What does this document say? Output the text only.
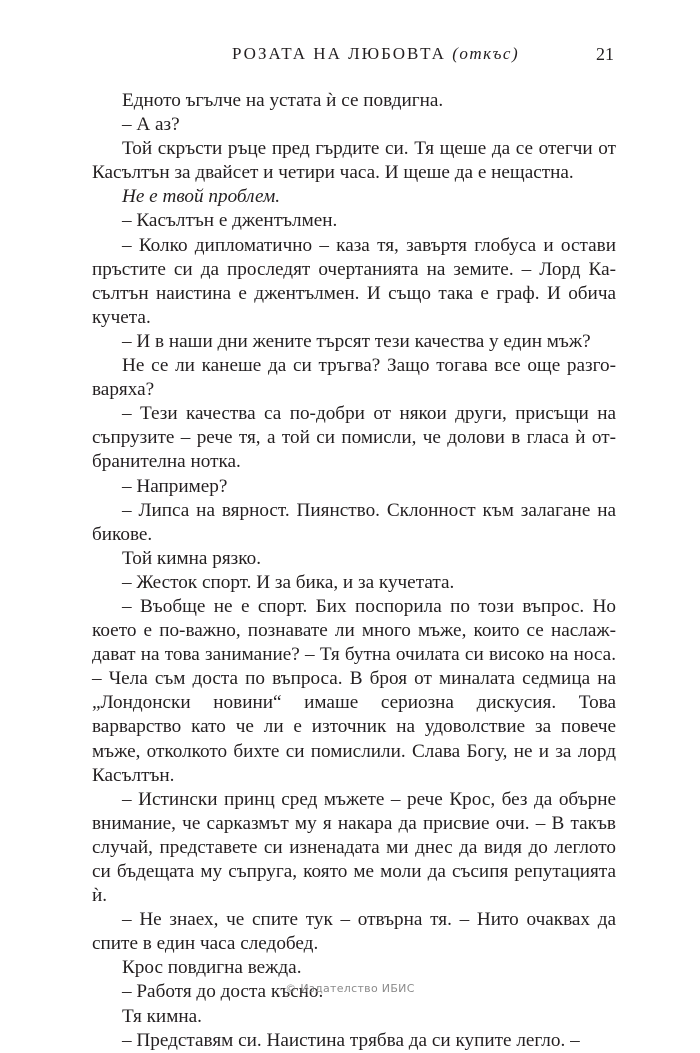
РОЗАТА НА ЛЮБОВТА (откъс)	21

Едното ъгълче на устата ѝ се повдигна.

– А аз?

Той скръсти ръце пред гърдите си. Тя щеше да се отегчи от Касълтън за двайсет и четири часа. И щеше да е нещастна.

Не е твой проблем.

– Касълтън е джентълмен.

– Колко дипломатично – каза тя, завъртя глобуса и остави пръстите си да проследят очертанията на земите. – Лорд Касълтън наистина е джентълмен. И също така е граф. И обича кучета.

– И в наши дни жените търсят тези качества у един мъж?

Не се ли канеше да си тръгва? Защо тогава все още разговаряха?

– Тези качества са по-добри от някои други, присъщи на съпрузите – рече тя, а той си помисли, че долови в гласа ѝ отбранителна нотка.

– Например?

– Липса на вярност. Пиянство. Склонност към залагане на бикове.

Той кимна рязко.

– Жесток спорт. И за бика, и за кучетата.

– Въобще не е спорт. Бих поспорила по този въпрос. Но което е по-важно, познавате ли много мъже, които се наслаждават на това занимание? – Тя бутна очилата си високо на носа. – Чела съм доста по въпроса. В броя от миналата седмица на „Лондонски новини“ имаше сериозна дискусия. Това варварство като че ли е източник на удоволствие за повече мъже, отколкото бихте си помислили. Слава Богу, не и за лорд Касълтън.

– Истински принц сред мъжете – рече Крос, без да обърне внимание, че сарказмът му я накара да присвие очи. – В такъв случай, представете си изненадата ми днес да видя до леглото си бъдещата му съпруга, която ме моли да съсипя репутацията ѝ.

– Не знаех, че спите тук – отвърна тя. – Нито очаквах да спите в един часа следобед.

Крос повдигна вежда.

– Работя до доста късно.

Тя кимна.

– Представям си. Наистина трябва да си купите легло. –

© Издателство ИБИС
